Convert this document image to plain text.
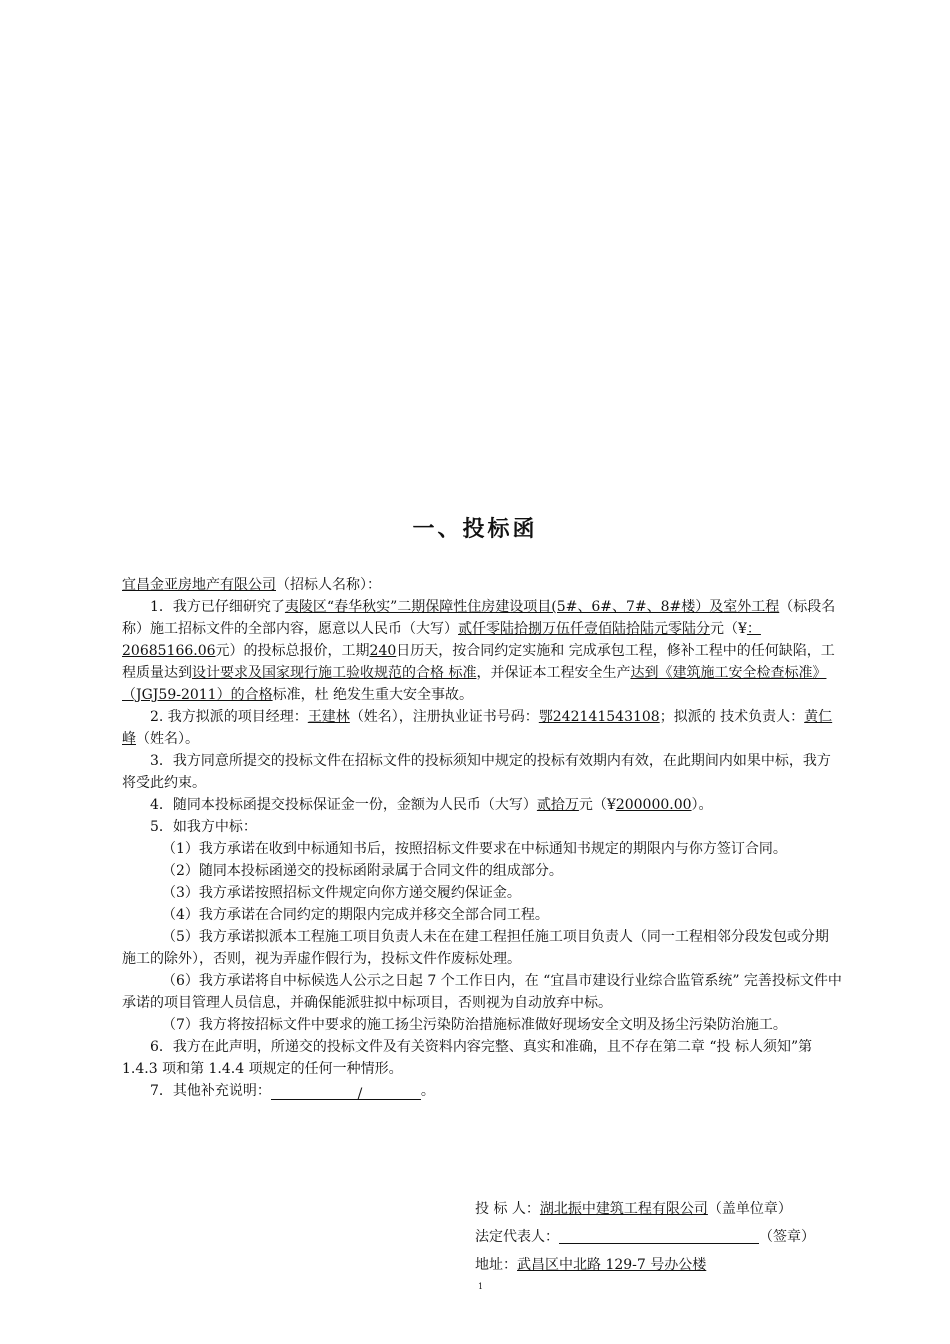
一、投标函

宜昌金亚房地产有限公司（招标人名称）：

1．我方已仔细研究了夷陵区“春华秋实”二期保障性住房建设项目(5#、6#、7#、8#楼）及室外工程（标段名称）施工招标文件的全部内容，愿意以人民币（大写）贰仟零陆拾捌万伍仟壹佰陆拾陆元零陆分元（¥：20685166.06元）的投标总报价，工期240日历天，按合同约定实施和 完成承包工程，修补工程中的任何缺陷，工程质量达到设计要求及国家现行施工验收规范的合格 标准，并保证本工程安全生产达到《建筑施工安全检查标准》（JGJ59-2011）的合格标准，杜 绝发生重大安全事故。

2. 我方拟派的项目经理：王建林（姓名），注册执业证书号码：鄂242141543108；拟派的 技术负责人：黄仁峰（姓名）。

3．我方同意所提交的投标文件在招标文件的投标须知中规定的投标有效期内有效，在此期间内如果中标，我方将受此约束。

4．随同本投标函提交投标保证金一份，金额为人民币（大写）贰拾万元（¥200000.00）。

5．如我方中标：

（1）我方承诺在收到中标通知书后，按照招标文件要求在中标通知书规定的期限内与你方签订合同。

（2）随同本投标函递交的投标函附录属于合同文件的组成部分。

（3）我方承诺按照招标文件规定向你方递交履约保证金。

（4）我方承诺在合同约定的期限内完成并移交全部合同工程。

（5）我方承诺拟派本工程施工项目负责人未在在建工程担任施工项目负责人（同一工程相邻分段发包或分期施工的除外），否则，视为弄虚作假行为，投标文件作废标处理。

（6）我方承诺将自中标候选人公示之日起 7 个工作日内，在 “宜昌市建设行业综合监管系统” 完善投标文件中承诺的项目管理人员信息，并确保能派驻拟中标项目，否则视为自动放弃中标。

（7）我方将按招标文件中要求的施工扬尘污染防治措施标准做好现场安全文明及扬尘污染防治施工。

6．我方在此声明，所递交的投标文件及有关资料内容完整、真实和准确，且不存在第二章 “投 标人须知”第 1.4.3 项和第 1.4.4 项规定的任何一种情形。

7．其他补充说明：	/	。

投 标 人：湖北振中建筑工程有限公司（盖单位章）

法定代表人：	（签章）

地址：武昌区中北路 129-7 号办公楼

1
